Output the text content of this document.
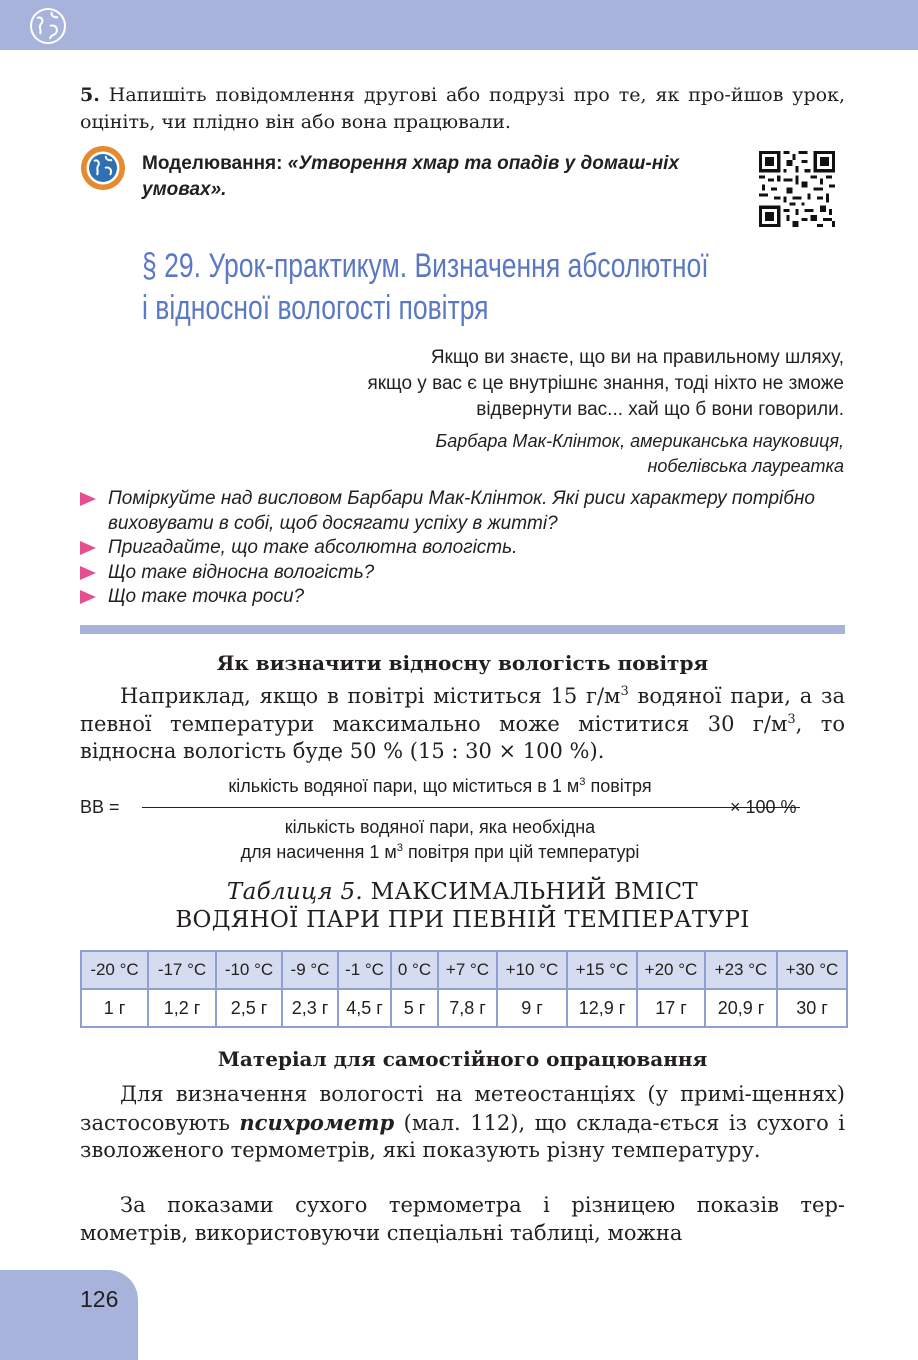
5. Напишіть повідомлення другові або подрузі про те, як про-йшов урок, оцініть, чи плідно він або вона працювали.
Моделювання: «Утворення хмар та опадів у домаш-ніх умовах».
§ 29. Урок-практикум. Визначення абсолютної
і відносної вологості повітря
Якщо ви знаєте, що ви на правильному шляху,
якщо у вас є це внутрішнє знання, тоді ніхто не зможе
відвернути вас... хай що б вони говорили.
Барбара Мак-Клінток, американська науковиця,
нобелівська лауреатка
Поміркуйте над висловом Барбари Мак-Клінток. Які риси характеру потрібно виховувати в собі, щоб досягати успіху в житті?
Пригадайте, що таке абсолютна вологість.
Що таке відносна вологість?
Що таке точка роси?
Як визначити відносну вологість повітря
Наприклад, якщо в повітрі міститься 15 $г/м^3$ водяної пари, а за певної температури максимально може міститися 30 $г/м^3$, то відносна вологість буде 50 % (15 : 30 × 100 %).
ВВ =
кількість водяної пари, що міститься в 1 $м^3$ повітря
кількість водяної пари, яка необхідна
для насичення 1 $м^3$ повітря при цій температурі
× 100 %
Таблиця 5. МАКСИМАЛЬНИЙ ВМІСТ
ВОДЯНОЇ ПАРИ ПРИ ПЕВНІЙ ТЕМПЕРАТУРІ
-20 °С	-17 °С	-10 °С	-9 °С	-1 °С	0 °С	+7 °С	+10 °С	+15 °С	+20 °С	+23 °С	+30 °С
1 г	1,2 г	2,5 г	2,3 г	4,5 г	5 г	7,8 г	9 г	12,9 г	17 г	20,9 г	30 г
Матеріал для самостійного опрацювання
Для визначення вологості на метеостанціях (у примі-щеннях) застосовують психрометр (мал. 112), що склада-ється із сухого і зволоженого термометрів, які показують різну температуру.
За показами сухого термометра і різницею показів тер-мометрів, використовуючи спеціальні таблиці, можна
126
